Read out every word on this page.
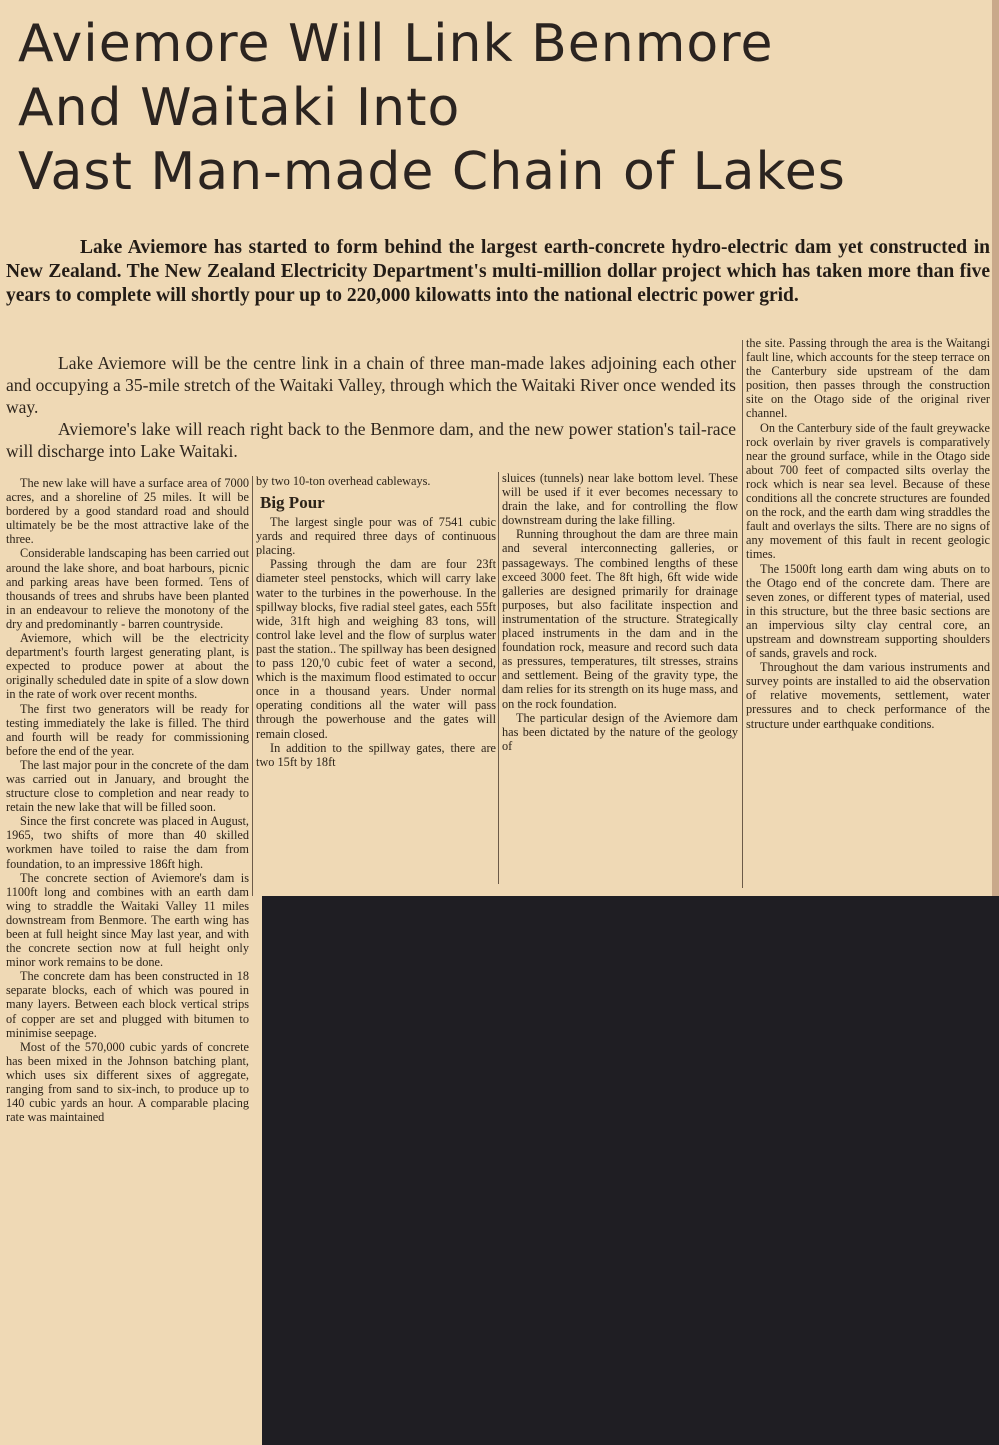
Aviemore Will Link Benmore
And Waitaki Into
Vast Man-made Chain of Lakes

Lake Aviemore has started to form behind the largest earth-concrete hydro-electric dam yet constructed in New Zealand. The New Zealand Electricity Department's multi-million dollar project which has taken more than five years to complete will shortly pour up to 220,000 kilowatts into the national electric power grid.

Lake Aviemore will be the centre link in a chain of three man-made lakes adjoining each other and occupying a 35-mile stretch of the Waitaki Valley, through which the Waitaki River once wended its way.

Aviemore's lake will reach right back to the Benmore dam, and the new power station's tail-race will discharge into Lake Waitaki.

The new lake will have a surface area of 7000 acres, and a shoreline of 25 miles. It will be bordered by a good standard road and should ultimately be be the most attractive lake of the three.

Considerable landscaping has been carried out around the lake shore, and boat harbours, picnic and parking areas have been formed. Tens of thousands of trees and shrubs have been planted in an endeavour to relieve the monotony of the dry and predominantly - barren countryside.

Aviemore, which will be the electricity department's fourth largest generating plant, is expected to produce power at about the originally scheduled date in spite of a slow down in the rate of work over recent months.

The first two generators will be ready for testing immediately the lake is filled. The third and fourth will be ready for commissioning before the end of the year.

The last major pour in the concrete of the dam was carried out in January, and brought the structure close to completion and near ready to retain the new lake that will be filled soon.

Since the first concrete was placed in August, 1965, two shifts of more than 40 skilled workmen have toiled to raise the dam from foundation, to an impressive 186ft high.

The concrete section of Aviemore's dam is 1100ft long and combines with an earth dam wing to straddle the Waitaki Valley 11 miles downstream from Benmore. The earth wing has been at full height since May last year, and with the concrete section now at full height only minor work remains to be done.

The concrete dam has been constructed in 18 separate blocks, each of which was poured in many layers. Between each block vertical strips of copper are set and plugged with bitumen to minimise seepage.

Most of the 570,000 cubic yards of concrete has been mixed in the Johnson batching plant, which uses six different sixes of aggregate, ranging from sand to six-inch, to produce up to 140 cubic yards an hour. A comparable placing rate was maintained

by two 10-ton overhead cableways.

Big Pour

The largest single pour was of 7541 cubic yards and required three days of continuous placing.

Passing through the dam are four 23ft diameter steel penstocks, which will carry lake water to the turbines in the powerhouse. In the spillway blocks, five radial steel gates, each 55ft wide, 31ft high and weighing 83 tons, will control lake level and the flow of surplus water past the station.. The spillway has been designed to pass 120,'0 cubic feet of water a second, which is the maximum flood estimated to occur once in a thousand years. Under normal operating conditions all the water will pass through the powerhouse and the gates will remain closed.

In addition to the spillway gates, there are two 15ft by 18ft

sluices (tunnels) near lake bottom level. These will be used if it ever becomes necessary to drain the lake, and for controlling the flow downstream during the lake filling.

Running throughout the dam are three main and several interconnecting galleries, or passageways. The combined lengths of these exceed 3000 feet. The 8ft high, 6ft wide wide galleries are designed primarily for drainage purposes, but also facilitate inspection and instrumentation of the structure. Strategically placed instruments in the dam and in the foundation rock, measure and record such data as pressures, temperatures, tilt stresses, strains and settlement. Being of the gravity type, the dam relies for its strength on its huge mass, and on the rock foundation.

The particular design of the Aviemore dam has been dictated by the nature of the geology of

the site. Passing through the area is the Waitangi fault line, which accounts for the steep terrace on the Canterbury side upstream of the dam position, then passes through the construction site on the Otago side of the original river channel.

On the Canterbury side of the fault greywacke rock overlain by river gravels is comparatively near the ground surface, while in the Otago side about 700 feet of compacted silts overlay the rock which is near sea level. Because of these conditions all the concrete structures are founded on the rock, and the earth dam wing straddles the fault and overlays the silts. There are no signs of any movement of this fault in recent geologic times.

The 1500ft long earth dam wing abuts on to the Otago end of the concrete dam. There are seven zones, or different types of material, used in this structure, but the three basic sections are an impervious silty clay central core, an upstream and downstream supporting shoulders of sands, gravels and rock.

Throughout the dam various instruments and survey points are installed to aid the observation of relative movements, settlement, water pressures and to check performance of the structure under earthquake conditions.
